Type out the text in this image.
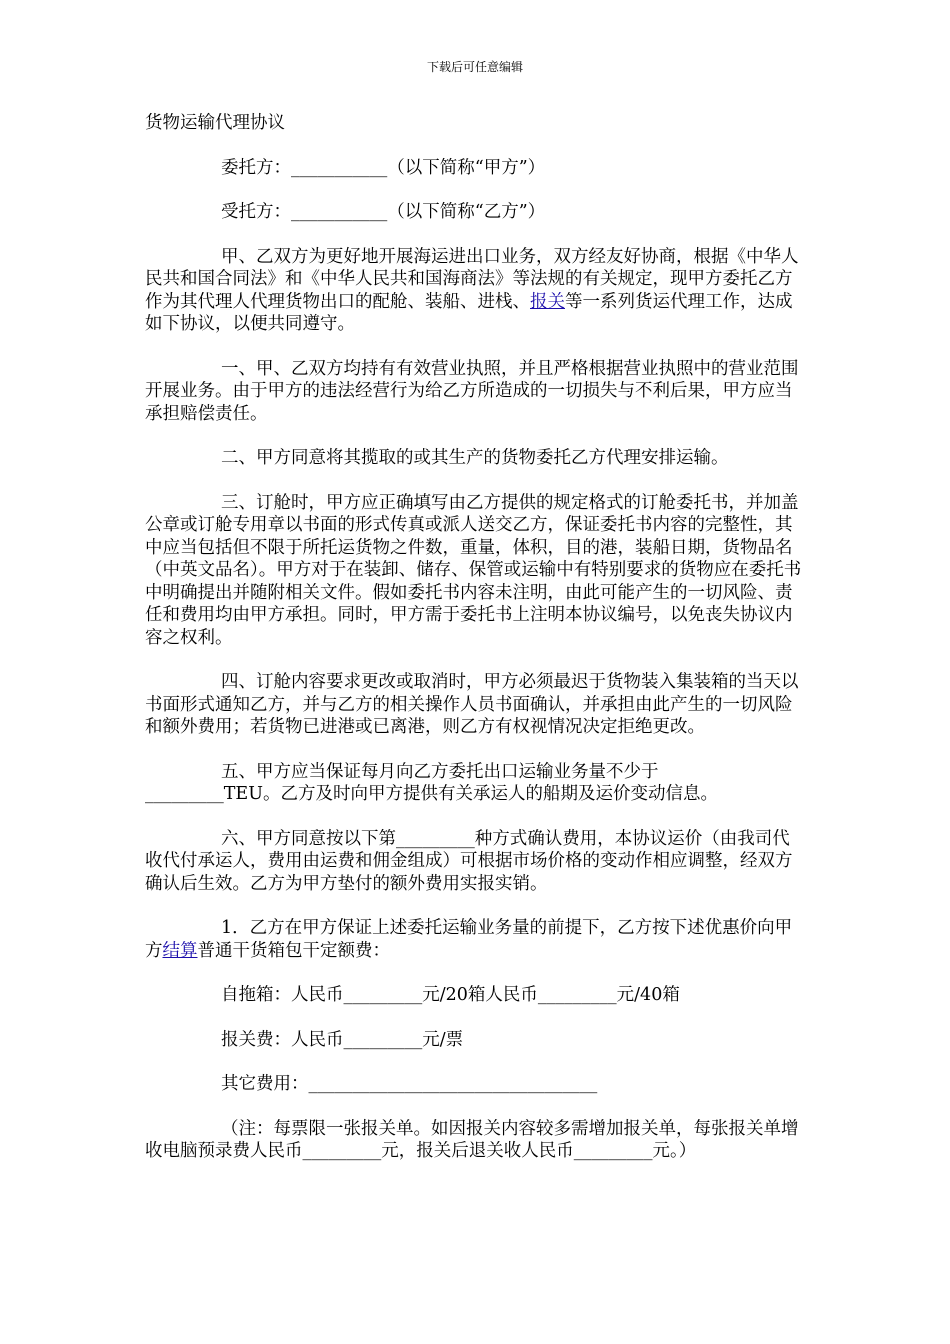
下载后可任意编辑

货物运输代理协议

委托方：___________（以下简称“甲方”）

受托方：___________（以下简称“乙方”）

甲、乙双方为更好地开展海运进出口业务，双方经友好协商，根据《中华人民共和国合同法》和《中华人民共和国海商法》等法规的有关规定，现甲方委托乙方作为其代理人代理货物出口的配舱、装船、进栈、报关等一系列货运代理工作，达成如下协议，以便共同遵守。

一、甲、乙双方均持有有效营业执照，并且严格根据营业执照中的营业范围开展业务。由于甲方的违法经营行为给乙方所造成的一切损失与不利后果，甲方应当承担赔偿责任。

二、甲方同意将其揽取的或其生产的货物委托乙方代理安排运输。

三、订舱时，甲方应正确填写由乙方提供的规定格式的订舱委托书，并加盖公章或订舱专用章以书面的形式传真或派人送交乙方，保证委托书内容的完整性，其中应当包括但不限于所托运货物之件数，重量，体积，目的港，装船日期，货物品名（中英文品名）。甲方对于在装卸、储存、保管或运输中有特别要求的货物应在委托书中明确提出并随附相关文件。假如委托书内容未注明，由此可能产生的一切风险、责任和费用均由甲方承担。同时，甲方需于委托书上注明本协议编号，以免丧失协议内容之权利。

四、订舱内容要求更改或取消时，甲方必须最迟于货物装入集装箱的当天以书面形式通知乙方，并与乙方的相关操作人员书面确认，并承担由此产生的一切风险和额外费用；若货物已进港或已离港，则乙方有权视情况决定拒绝更改。

五、甲方应当保证每月向乙方委托出口运输业务量不少于
_________TEU。乙方及时向甲方提供有关承运人的船期及运价变动信息。

六、甲方同意按以下第_________种方式确认费用，本协议运价（由我司代收代付承运人，费用由运费和佣金组成）可根据市场价格的变动作相应调整，经双方确认后生效。乙方为甲方垫付的额外费用实报实销。

1．乙方在甲方保证上述委托运输业务量的前提下，乙方按下述优惠价向甲方结算普通干货箱包干定额费：

自拖箱：人民币_________元/20箱人民币_________元/40箱

报关费：人民币_________元/票

其它费用：_________________________________

（注：每票限一张报关单。如因报关内容较多需增加报关单，每张报关单增收电脑预录费人民币_________元，报关后退关收人民币_________元。）
